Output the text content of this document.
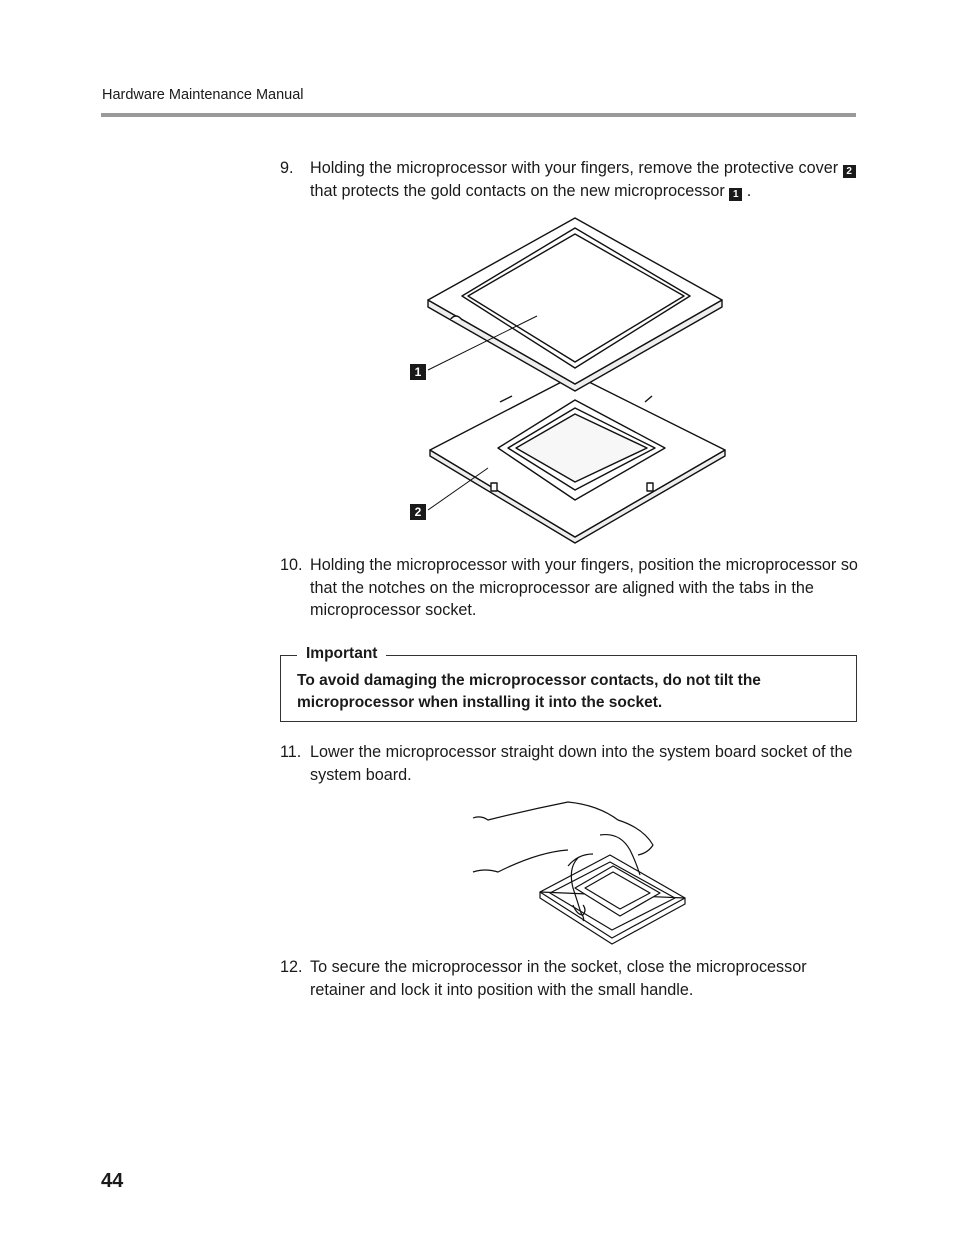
Hardware Maintenance Manual
9. Holding the microprocessor with your fingers, remove the protective cover 2 that protects the gold contacts on the new microprocessor 1 .
1
2
10. Holding the microprocessor with your fingers, position the microprocessor so that the notches on the microprocessor are aligned with the tabs in the microprocessor socket.
Important
To avoid damaging the microprocessor contacts, do not tilt the microprocessor when installing it into the socket.
11. Lower the microprocessor straight down into the system board socket of the system board.
12. To secure the microprocessor in the socket, close the microprocessor retainer and lock it into position with the small handle.
44
